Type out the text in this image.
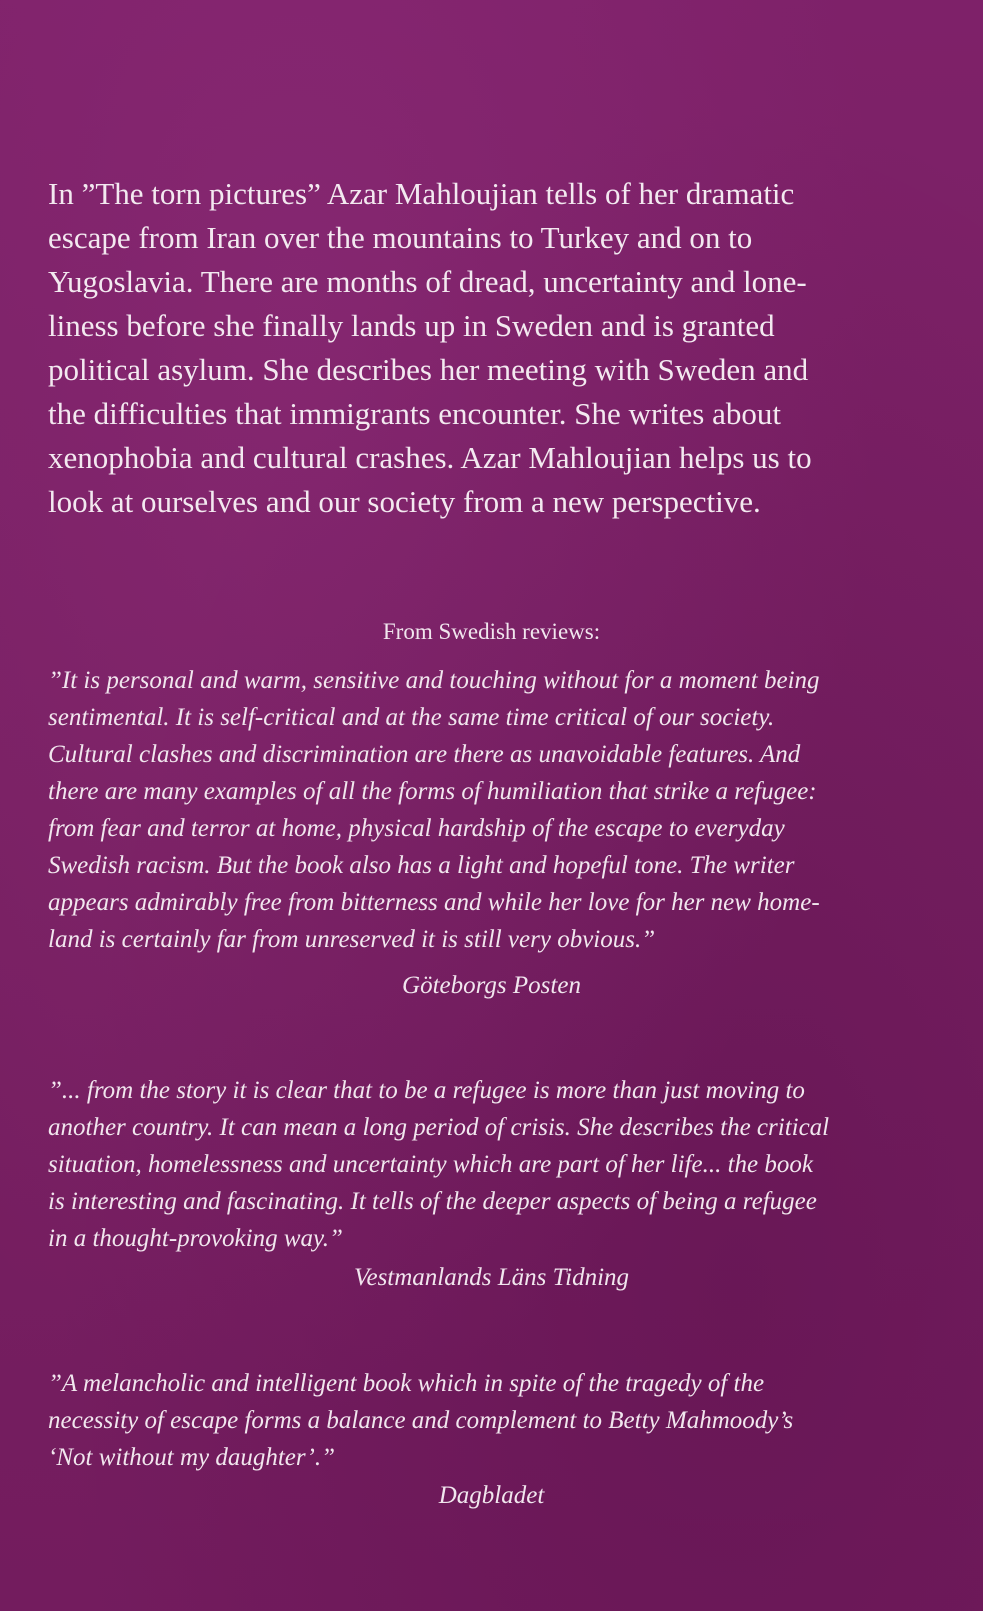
In ”The torn pictures” Azar Mahloujian tells of her dramatic
escape from Iran over the mountains to Turkey and on to
Yugoslavia. There are months of dread, uncertainty and lone-
liness before she finally lands up in Sweden and is granted
political asylum. She describes her meeting with Sweden and
the difficulties that immigrants encounter. She writes about
xenophobia and cultural crashes. Azar Mahloujian helps us to
look at ourselves and our society from a new perspective.

From Swedish reviews:

”It is personal and warm, sensitive and touching without for a moment being
sentimental. It is self-critical and at the same time critical of our society.
Cultural clashes and discrimination are there as unavoidable features. And
there are many examples of all the forms of humiliation that strike a refugee:
from fear and terror at home, physical hardship of the escape to everyday
Swedish racism. But the book also has a light and hopeful tone. The writer
appears admirably free from bitterness and while her love for her new home-
land is certainly far from unreserved it is still very obvious.”

Göteborgs Posten

”... from the story it is clear that to be a refugee is more than just moving to
another country. It can mean a long period of crisis. She describes the critical
situation, homelessness and uncertainty which are part of her life... the book
is interesting and fascinating. It tells of the deeper aspects of being a refugee
in a thought-provoking way.”

Vestmanlands Läns Tidning

”A melancholic and intelligent book which in spite of the tragedy of the
necessity of escape forms a balance and complement to Betty Mahmoody’s
‘Not without my daughter’.”

Dagbladet
